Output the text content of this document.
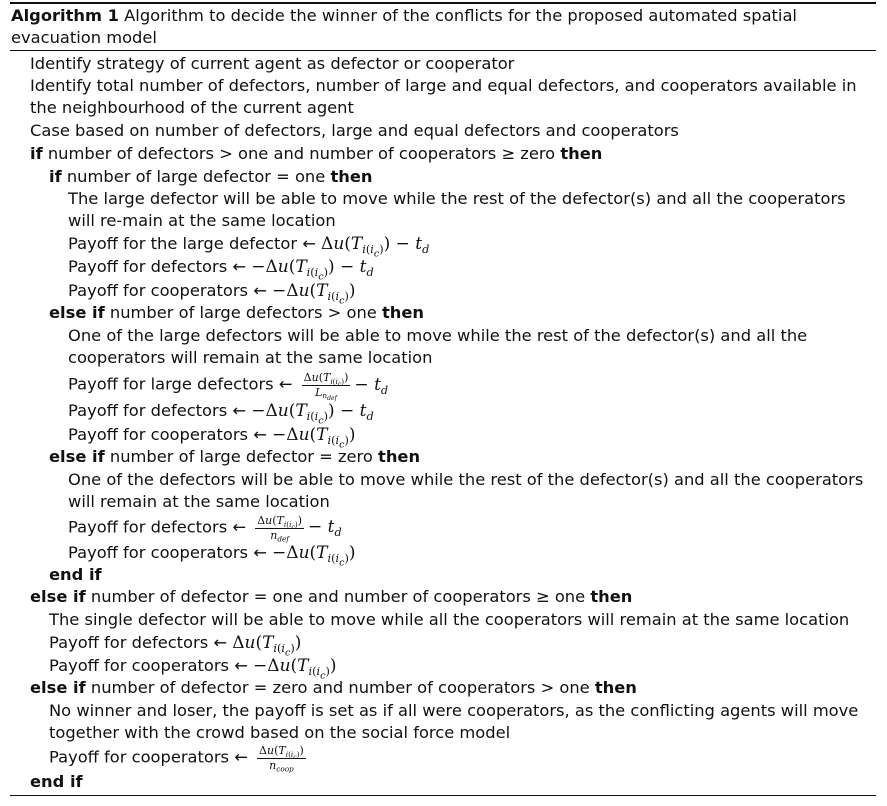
Algorithm 1 Algorithm to decide the winner of the conflicts for the proposed automated spatial evacuation model
Identify strategy of current agent as defector or cooperator
Identify total number of defectors, number of large and equal defectors, and cooperators available in the neighbourhood of the current agent
Case based on number of defectors, large and equal defectors and cooperators
if number of defectors > one and number of cooperators ≥ zero then
if number of large defector = one then
The large defector will be able to move while the rest of the defector(s) and all the cooperators will re-main at the same location
Payoff for the large defector ← $\Delta u(T_{i(i_c)}) - t_d$
Payoff for defectors ← $-\Delta u(T_{i(i_c)}) - t_d$
Payoff for cooperators ← $-\Delta u(T_{i(i_c)})$
else if number of large defectors > one then
One of the large defectors will be able to move while the rest of the defector(s) and all the cooperators will remain at the same location
Payoff for large defectors ← $\frac{\Delta u(T_{i(i_c)})}{L_{n_{def}}} - t_d$
Payoff for defectors ← $-\Delta u(T_{i(i_c)}) - t_d$
Payoff for cooperators ← $-\Delta u(T_{i(i_c)})$
else if number of large defector = zero then
One of the defectors will be able to move while the rest of the defector(s) and all the cooperators will remain at the same location
Payoff for defectors ← $\frac{\Delta u(T_{i(i_c)})}{n_{def}} - t_d$
Payoff for cooperators ← $-\Delta u(T_{i(i_c)})$
end if
else if number of defector = one and number of cooperators ≥ one then
The single defector will be able to move while all the cooperators will remain at the same location
Payoff for defectors ← $\Delta u(T_{i(i_c)})$
Payoff for cooperators ← $-\Delta u(T_{i(i_c)})$
else if number of defector = zero and number of cooperators > one then
No winner and loser, the payoff is set as if all were cooperators, as the conflicting agents will move together with the crowd based on the social force model
Payoff for cooperators ← $\frac{\Delta u(T_{i(i_c)})}{n_{coop}}$
end if
